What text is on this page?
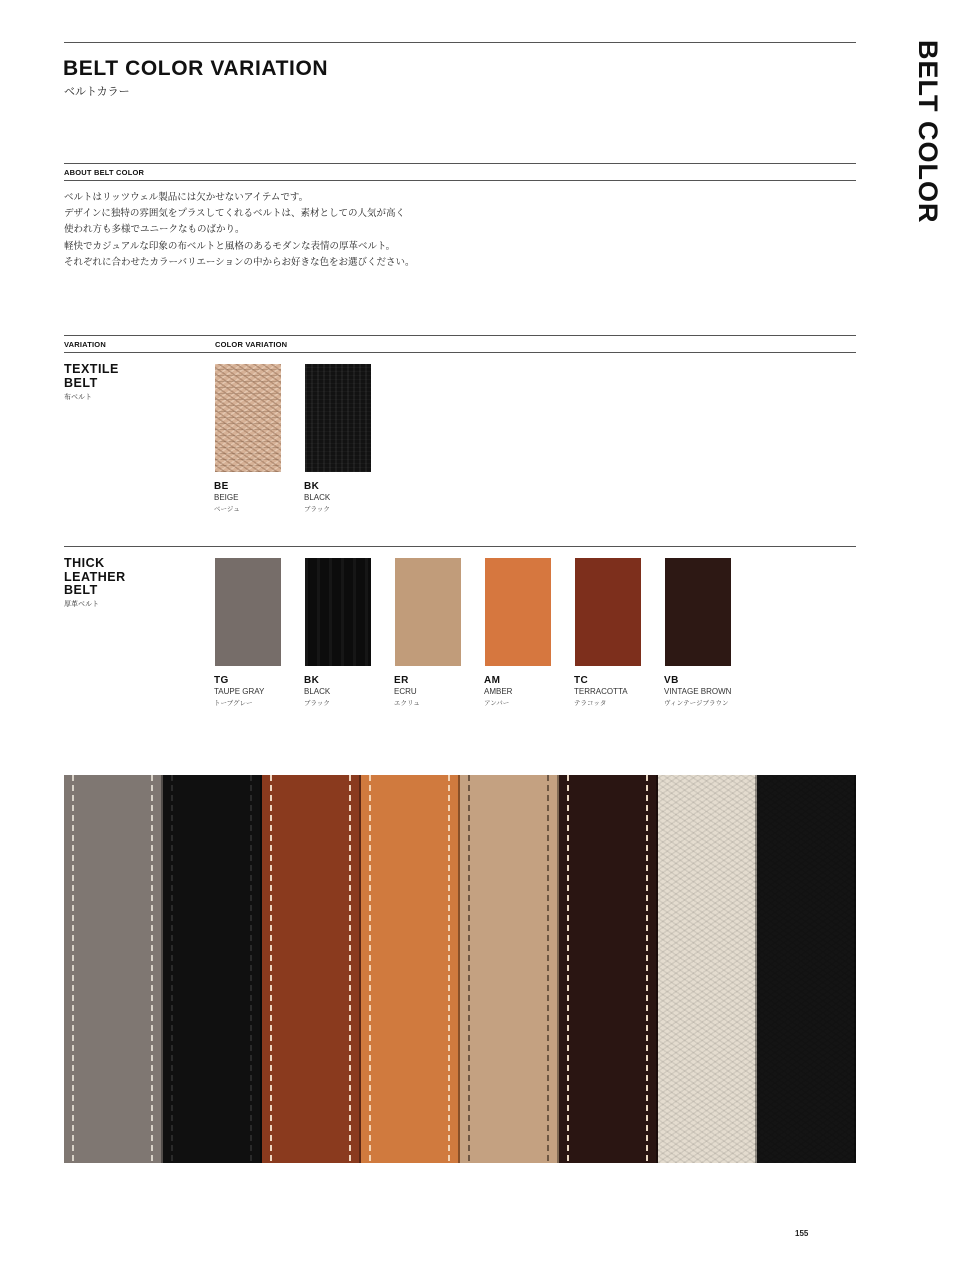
BELT COLOR VARIATION
ベルトカラー	BELT COLOR
ABOUT BELT COLOR
ベルトはリッツウェル製品には欠かせないアイテムです。
デザインに独特の雰囲気をプラスしてくれるベルトは、素材としての人気が高く
使われ方も多様でユニークなものばかり。
軽快でカジュアルな印象の布ベルトと風格のあるモダンな表情の厚革ベルト。
それぞれに合わせたカラーバリエーションの中からお好きな色をお選びください。
VARIATION	COLOR VARIATION
TEXTILE
BELT
布ベルト
BE
BEIGE
ベージュ
BK
BLACK
ブラック
THICK
LEATHER
BELT
厚革ベルト
TG
TAUPE GRAY
トーブグレー
BK
BLACK
ブラック
ER
ECRU
エクリュ
AM
AMBER
アンバー
TC
TERRACOTTA
テラコッタ
VB
VINTAGE BROWN
ヴィンテージブラウン
155
